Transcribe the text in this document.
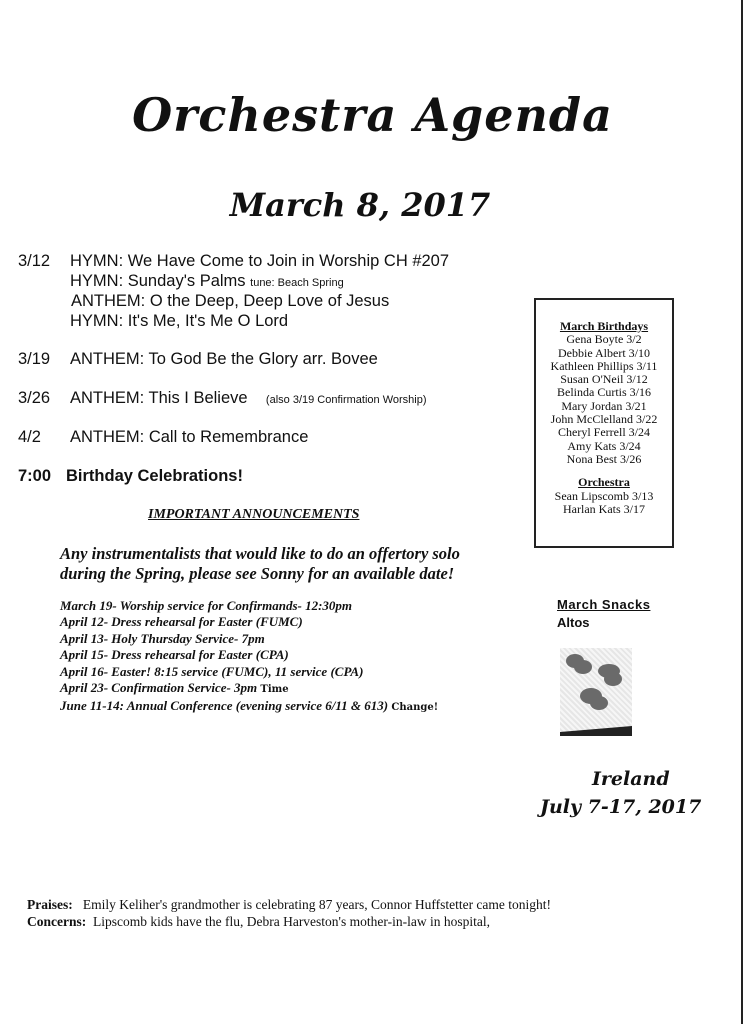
Orchestra Agenda
March 8, 2017
3/12 HYMN: We Have Come to Join in Worship CH #207
HYMN: Sunday's Palms tune: Beach Spring
ANTHEM: O the Deep, Deep Love of Jesus
HYMN: It's Me, It's Me O Lord
3/19 ANTHEM: To God Be the Glory arr. Bovee
3/26 ANTHEM: This I Believe (also 3/19 Confirmation Worship)
4/2 ANTHEM: Call to Remembrance
7:00 Birthday Celebrations!
March Birthdays
Gena Boyte 3/2
Debbie Albert 3/10
Kathleen Phillips 3/11
Susan O'Neil 3/12
Belinda Curtis 3/16
Mary Jordan 3/21
John McClelland 3/22
Cheryl Ferrell 3/24
Amy Kats 3/24
Nona Best 3/26
Orchestra
Sean Lipscomb 3/13
Harlan Kats 3/17
IMPORTANT ANNOUNCEMENTS
Any instrumentalists that would like to do an offertory solo
during the Spring, please see Sonny for an available date!
March 19- Worship service for Confirmands- 12:30pm
April 12- Dress rehearsal for Easter (FUMC)
April 13- Holy Thursday Service- 7pm
April 15- Dress rehearsal for Easter (CPA)
April 16- Easter! 8:15 service (FUMC), 11 service (CPA)
April 23- Confirmation Service- 3pm Time
June 11-14: Annual Conference (evening service 6/11 & 613) Change!
March Snacks
Altos
Ireland
July 7-17, 2017
Praises: Emily Keliher's grandmother is celebrating 87 years, Connor Huffstetter came tonight!
Concerns: Lipscomb kids have the flu, Debra Harveston's mother-in-law in hospital,
